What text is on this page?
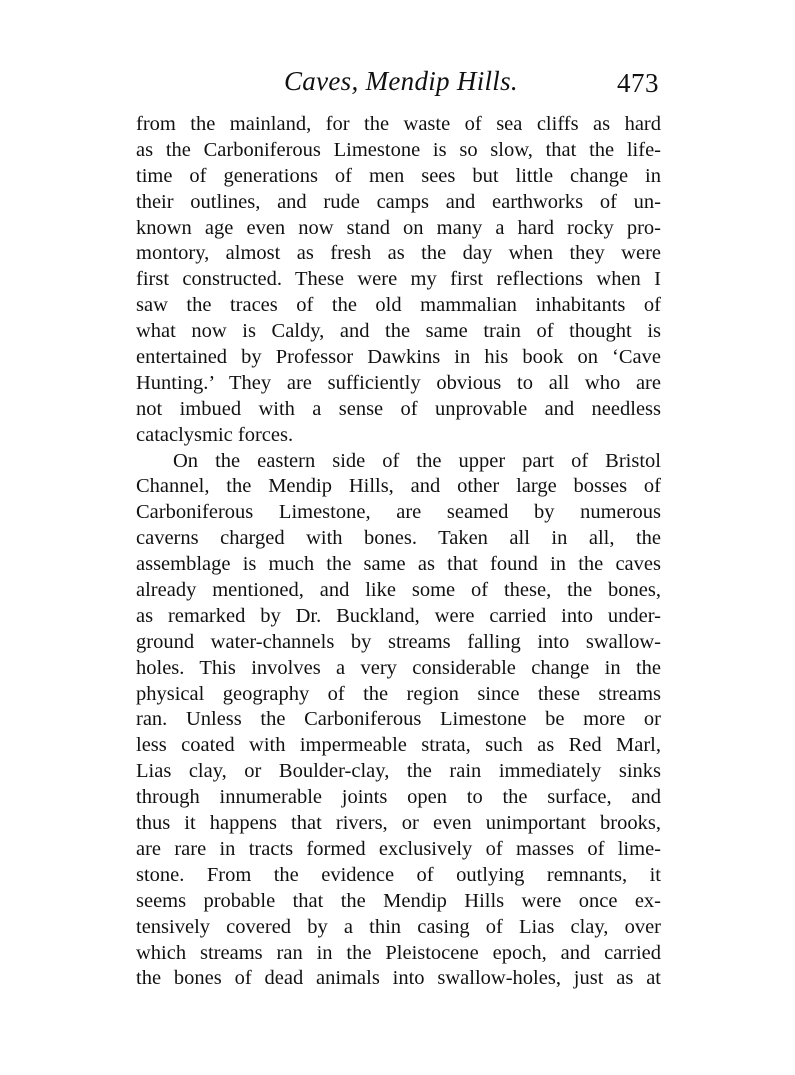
Caves, Mendip Hills.	473
from the mainland, for the waste of sea cliffs as hard
as the Carboniferous Limestone is so slow, that the life-
time of generations of men sees but little change in
their outlines, and rude camps and earthworks of un-
known age even now stand on many a hard rocky pro-
montory, almost as fresh as the day when they were
first constructed. These were my first reflections when I
saw the traces of the old mammalian inhabitants of
what now is Caldy, and the same train of thought is
entertained by Professor Dawkins in his book on ‘Cave
Hunting.’ They are sufficiently obvious to all who are
not imbued with a sense of unprovable and needless
cataclysmic forces.
On the eastern side of the upper part of Bristol
Channel, the Mendip Hills, and other large bosses of
Carboniferous Limestone, are seamed by numerous
caverns charged with bones. Taken all in all, the
assemblage is much the same as that found in the caves
already mentioned, and like some of these, the bones,
as remarked by Dr. Buckland, were carried into under-
ground water-channels by streams falling into swallow-
holes. This involves a very considerable change in the
physical geography of the region since these streams
ran. Unless the Carboniferous Limestone be more or
less coated with impermeable strata, such as Red Marl,
Lias clay, or Boulder-clay, the rain immediately sinks
through innumerable joints open to the surface, and
thus it happens that rivers, or even unimportant brooks,
are rare in tracts formed exclusively of masses of lime-
stone. From the evidence of outlying remnants, it
seems probable that the Mendip Hills were once ex-
tensively covered by a thin casing of Lias clay, over
which streams ran in the Pleistocene epoch, and carried
the bones of dead animals into swallow-holes, just as at
